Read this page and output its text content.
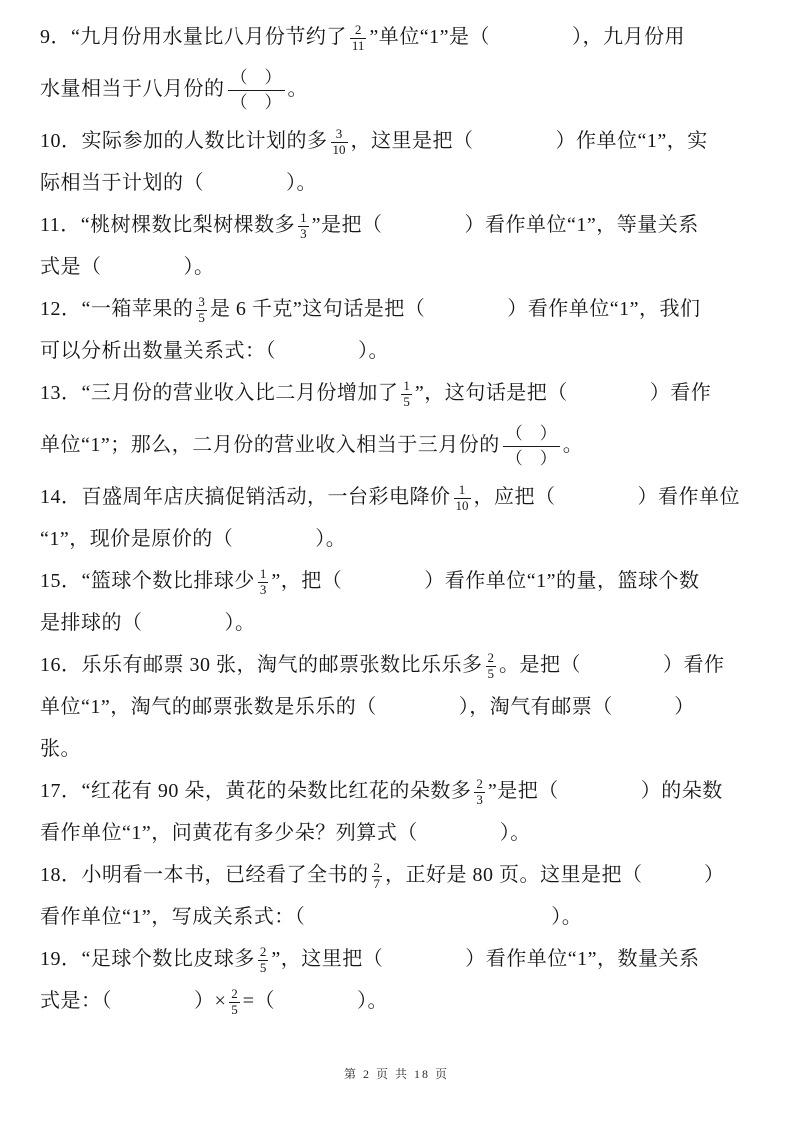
9．“九月份用水量比八月份节约了 $\frac{2}{11}$ ”单位“1”是（　　　　），九月份用
水量相当于八月份的 $\frac{( )}{( )}$ 。
10．实际参加的人数比计划的多 $\frac{3}{10}$ ，这里是把（　　　　）作单位“1”，实
际相当于计划的（　　　　）。
11．“桃树棵数比梨树棵数多 $\frac{1}{3}$ ”是把（　　　　）看作单位“1”，等量关系
式是（　　　　）。
12．“一箱苹果的 $\frac{3}{5}$ 是 6 千克”这句话是把（　　　　）看作单位“1”，我们
可以分析出数量关系式：（　　　　）。
13．“三月份的营业收入比二月份增加了 $\frac{1}{5}$ ”，这句话是把（　　　　）看作
单位“1”；那么，二月份的营业收入相当于三月份的 $\frac{( )}{( )}$ 。
14．百盛周年店庆搞促销活动，一台彩电降价 $\frac{1}{10}$ ，应把（　　　　）看作单位
“1”，现价是原价的（　　　　）。
15．“篮球个数比排球少 $\frac{1}{3}$ ”，把（　　　　）看作单位“1”的量，篮球个数
是排球的（　　　　）。
16．乐乐有邮票 30 张，淘气的邮票张数比乐乐多 $\frac{2}{5}$ 。是把（　　　　）看作
单位“1”，淘气的邮票张数是乐乐的（　　　　），淘气有邮票（　　　）
张。
17．“红花有 90 朵，黄花的朵数比红花的朵数多 $\frac{2}{3}$ ”是把（　　　　）的朵数
看作单位“1”，问黄花有多少朵？列算式（　　　　）。
18．小明看一本书，已经看了全书的 $\frac{2}{7}$ ，正好是 80 页。这里是把（　　　）
看作单位“1”，写成关系式：（　　　　　　　　　　　　）。
19．“足球个数比皮球多 $\frac{2}{5}$ ”，这里把（　　　　）看作单位“1”，数量关系
式是：（　　　　）× $\frac{2}{5}$ =（　　　　）。
第 2 页 共 18 页
